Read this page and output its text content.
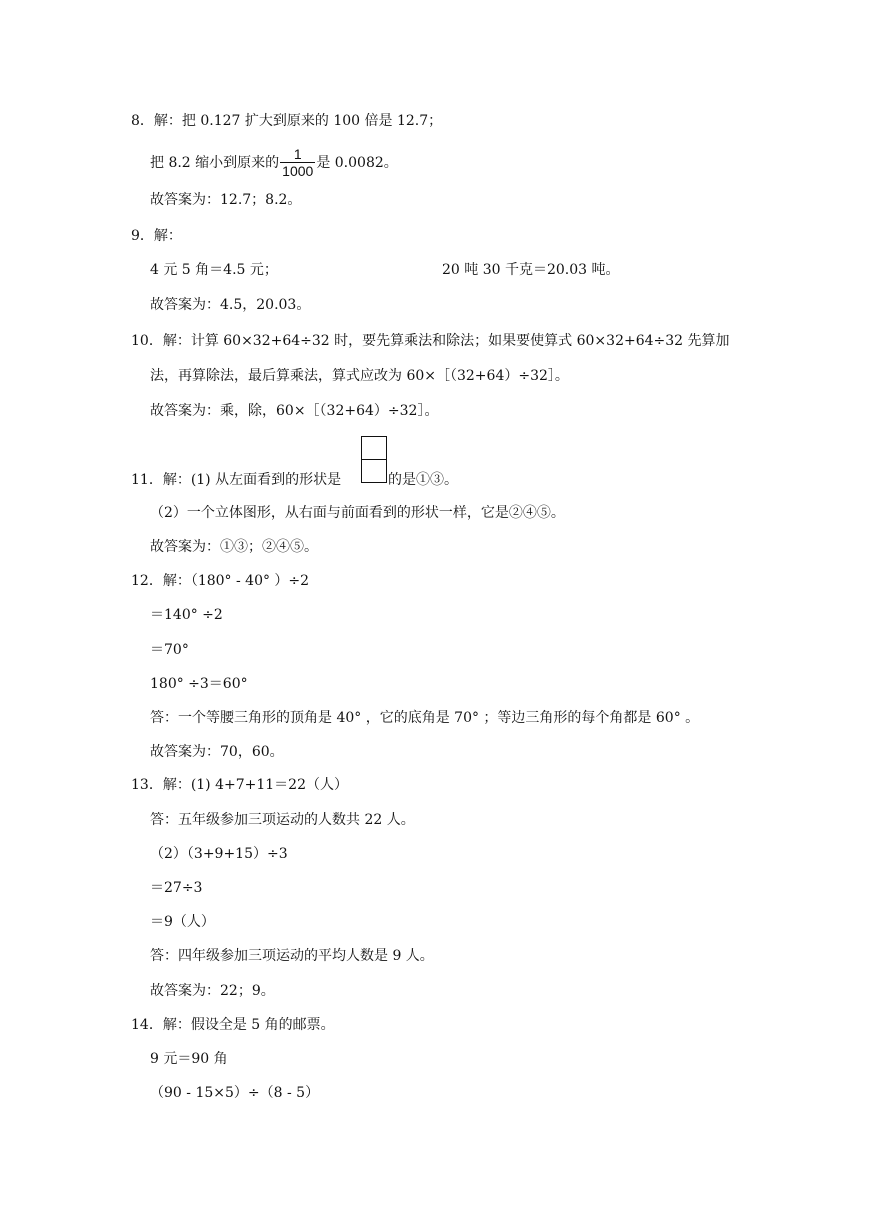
8．解：把 0.127 扩大到原来的 100 倍是 12.7；
把 8.2 缩小到原来的 $\frac{1}{1000}$ 是 0.0082。
故答案为：12.7；8.2。
9．解：
4 元 5 角＝4.5 元；	20 吨 30 千克＝20.03 吨。
故答案为：4.5，20.03。
10．解：计算 60×32+64÷32 时，要先算乘法和除法；如果要使算式 60×32+64÷32 先算加
法，再算除法，最后算乘法，算式应改为 60×［（32+64）÷32］。
故答案为：乘，除，60×［（32+64）÷32］。
11．解：(1) 从左面看到的形状是	的是①③。
（2）一个立体图形，从右面与前面看到的形状一样，它是②④⑤。
故答案为：①③；②④⑤。
12．解：（180° - 40° ）÷2
＝140° ÷2
＝70°
180° ÷3＝60°
答：一个等腰三角形的顶角是 40° ，它的底角是 70° ；等边三角形的每个角都是 60° 。
故答案为：70，60。
13．解：(1) 4+7+11＝22（人）
答：五年级参加三项运动的人数共 22 人。
（2）（3+9+15）÷3
＝27÷3
＝9（人）
答：四年级参加三项运动的平均人数是 9 人。
故答案为：22；9。
14．解：假设全是 5 角的邮票。
9 元＝90 角
（90 - 15×5）÷（8 - 5）
